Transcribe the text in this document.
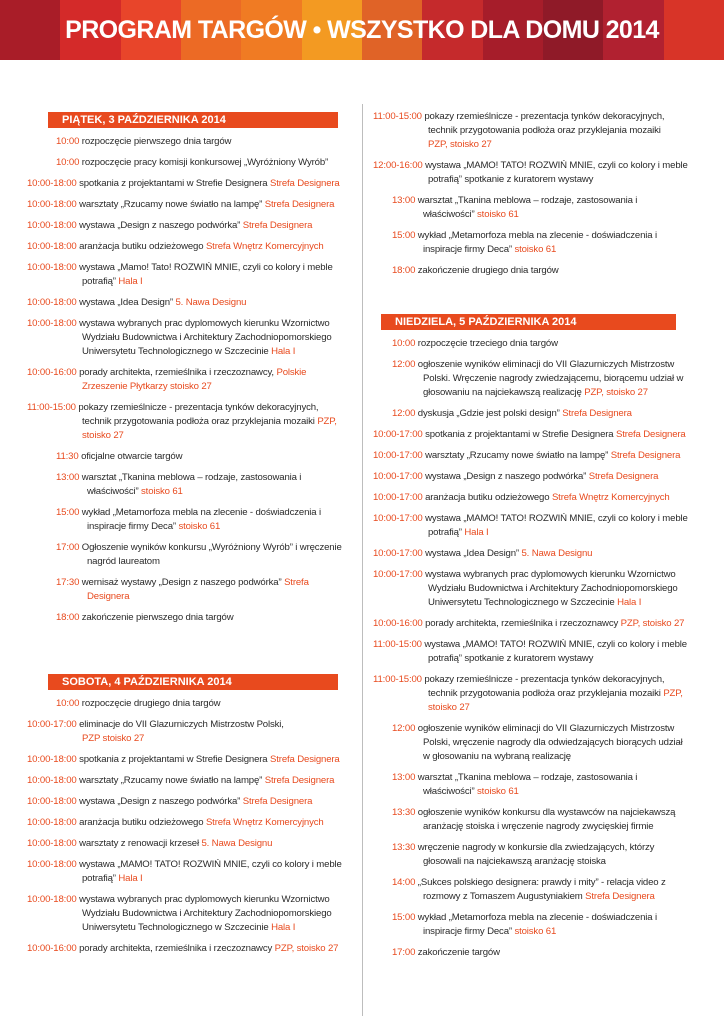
PROGRAM TARGÓW • WSZYSTKO DLA DOMU 2014
PIĄTEK, 3 PAŹDZIERNIKA 2014
SOBOTA, 4 PAŹDZIERNIKA 2014
10:00 rozpoczęcie pierwszego dnia targów
10:00 rozpoczęcie pracy komisji konkursowej „Wyróżniony Wyrób”
10:00-18:00 spotkania z projektantami w Strefie Designera Strefa Designera
10:00-18:00 warsztaty „Rzucamy nowe światło na lampę” Strefa Designera
10:00-18:00 wystawa „Design z naszego podwórka” Strefa Designera
10:00-18:00 aranżacja butiku odzieżowego Strefa Wnętrz Komercyjnych
10:00-18:00 wystawa „Mamo! Tato! ROZWIŃ MNIE, czyli co kolory i meble
potrafią” Hala I
10:00-18:00 wystawa „Idea Design” 5. Nawa Designu
10:00-18:00 wystawa wybranych prac dyplomowych kierunku Wzornictwo
Wydziału Budownictwa i Architektury Zachodniopomorskiego
Uniwersytetu Technologicznego w Szczecinie Hala I
10:00-16:00 porady architekta, rzemieślnika i rzeczoznawcy, Polskie
Zrzeszenie Płytkarzy stoisko 27
11:00-15:00 pokazy rzemieślnicze - prezentacja tynków dekoracyjnych,
technik przygotowania podłoża oraz przyklejania mozaiki PZP,
stoisko 27
11:30 oficjalne otwarcie targów
13:00 warsztat „Tkanina meblowa – rodzaje, zastosowania i
właściwości” stoisko 61
15:00 wykład „Metamorfoza mebla na zlecenie - doświadczenia i
inspiracje firmy Deca” stoisko 61
17:00 Ogłoszenie wyników konkursu „Wyróżniony Wyrób” i wręczenie
nagród laureatom
17:30 wernisaż wystawy „Design z naszego podwórka” Strefa
Designera
18:00 zakończenie pierwszego dnia targów
10:00 rozpoczęcie drugiego dnia targów
10:00-17:00 eliminacje do VII Glazurniczych Mistrzostw Polski,
PZP stoisko 27
10:00-18:00 spotkania z projektantami w Strefie Designera Strefa Designera
10:00-18:00 warsztaty „Rzucamy nowe światło na lampę” Strefa Designera
10:00-18:00 wystawa „Design z naszego podwórka” Strefa Designera
10:00-18:00 aranżacja butiku odzieżowego Strefa Wnętrz Komercyjnych
10:00-18:00 warsztaty z renowacji krzeseł 5. Nawa Designu
10:00-18:00 wystawa „MAMO! TATO! ROZWIŃ MNIE, czyli co kolory i meble
potrafią” Hala I
10:00-18:00 wystawa wybranych prac dyplomowych kierunku Wzornictwo
Wydziału Budownictwa i Architektury Zachodniopomorskiego
Uniwersytetu Technologicznego w Szczecinie Hala I
10:00-16:00 porady architekta, rzemieślnika i rzeczoznawcy PZP, stoisko 27
NIEDZIELA, 5 PAŹDZIERNIKA 2014
11:00-15:00 pokazy rzemieślnicze - prezentacja tynków dekoracyjnych,
technik przygotowania podłoża oraz przyklejania mozaiki
PZP, stoisko 27
12:00-16:00 wystawa „MAMO! TATO! ROZWIŃ MNIE, czyli co kolory i meble
potrafią” spotkanie z kuratorem wystawy
13:00 warsztat „Tkanina meblowa – rodzaje, zastosowania i
właściwości” stoisko 61
15:00 wykład „Metamorfoza mebla na zlecenie - doświadczenia i
inspiracje firmy Deca” stoisko 61
18:00 zakończenie drugiego dnia targów
10:00 rozpoczęcie trzeciego dnia targów
12:00 ogłoszenie wyników eliminacji do VII Glazurniczych Mistrzostw
Polski. Wręczenie nagrody zwiedzającemu, biorącemu udział w
głosowaniu na najciekawszą realizację PZP, stoisko 27
12:00 dyskusja „Gdzie jest polski design” Strefa Designera
10:00-17:00 spotkania z projektantami w Strefie Designera Strefa Designera
10:00-17:00 warsztaty „Rzucamy nowe światło na lampę” Strefa Designera
10:00-17:00 wystawa „Design z naszego podwórka” Strefa Designera
10:00-17:00 aranżacja butiku odzieżowego Strefa Wnętrz Komercyjnych
10:00-17:00 wystawa „MAMO! TATO! ROZWIŃ MNIE, czyli co kolory i meble
potrafią” Hala I
10:00-17:00 wystawa „Idea Design” 5. Nawa Designu
10:00-17:00 wystawa wybranych prac dyplomowych kierunku Wzornictwo
Wydziału Budownictwa i Architektury Zachodniopomorskiego
Uniwersytetu Technologicznego w Szczecinie Hala I
10:00-16:00 porady architekta, rzemieślnika i rzeczoznawcy PZP, stoisko 27
11:00-15:00 wystawa „MAMO! TATO! ROZWIŃ MNIE, czyli co kolory i meble
potrafią” spotkanie z kuratorem wystawy
11:00-15:00 pokazy rzemieślnicze - prezentacja tynków dekoracyjnych,
technik przygotowania podłoża oraz przyklejania mozaiki PZP,
stoisko 27
12:00 ogłoszenie wyników eliminacji do VII Glazurniczych Mistrzostw
Polski, wręczenie nagrody dla odwiedzających biorących udział
w głosowaniu na wybraną realizację
13:00 warsztat „Tkanina meblowa – rodzaje, zastosowania i
właściwości” stoisko 61
13:30 ogłoszenie wyników konkursu dla wystawców na najciekawszą
aranżację stoiska i wręczenie nagrody zwycięskiej firmie
13:30 wręczenie nagrody w konkursie dla zwiedzających, którzy
głosowali na najciekawszą aranżację stoiska
14:00 „Sukces polskiego designera: prawdy i mity” - relacja video z
rozmowy z Tomaszem Augustyniakiem Strefa Designera
15:00 wykład „Metamorfoza mebla na zlecenie - doświadczenia i
inspiracje firmy Deca” stoisko 61
17:00 zakończenie targów
